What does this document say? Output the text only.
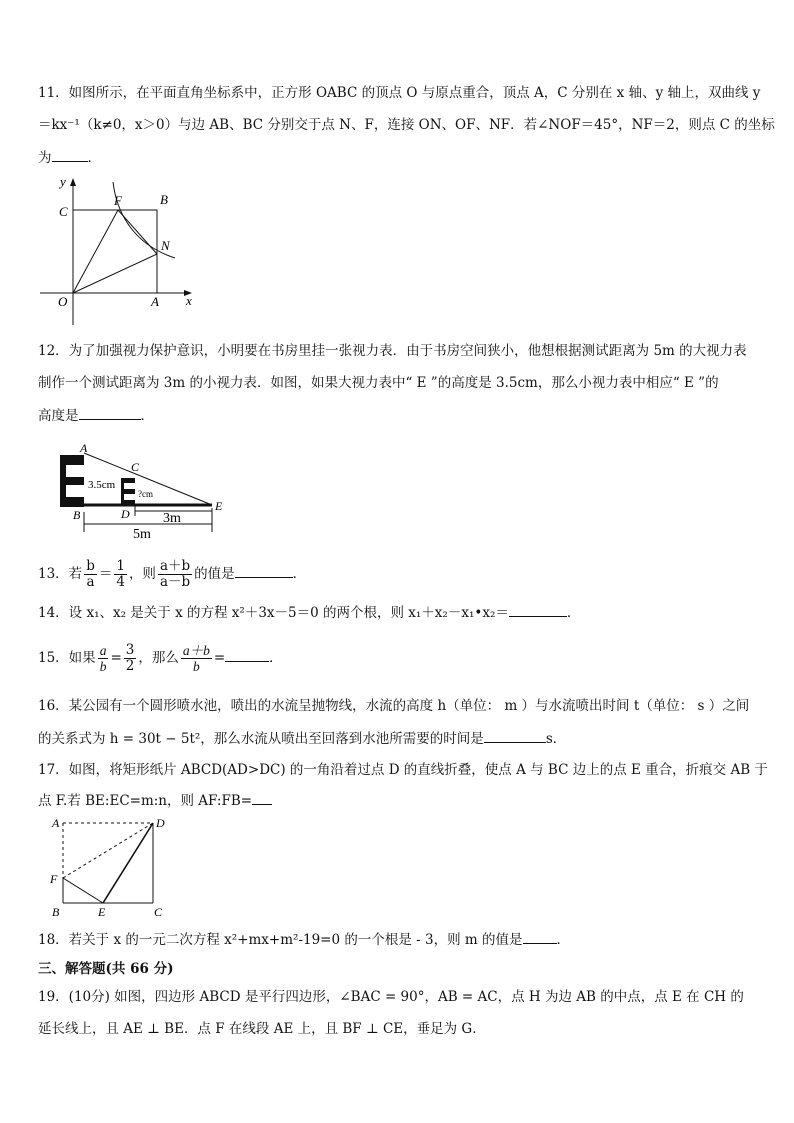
11．如图所示，在平面直角坐标系中，正方形 OABC 的顶点 O 与原点重合，顶点 A，C 分别在 x 轴、y 轴上，双曲线 y
＝kx⁻¹（k≠0，x＞0）与边 AB、BC 分别交于点 N、F，连接 ON、OF、NF．若∠NOF＝45°，NF＝2，则点 C 的坐标
为	．
y
x
C
F	B
N
O	A
12．为了加强视力保护意识，小明要在书房里挂一张视力表．由于书房空间狭小，他想根据测试距离为 5m 的大视力表
制作一个测试距离为 3m 的小视力表．如图，如果大视力表中“ E ”的高度是 3.5cm，那么小视力表中相应“ E ”的
高度是	．
A
C
B	D
E
3.5cm
?cm
3m
5m
13．若 $\frac{b}{a} = \frac{1}{4}$ ，则 $\frac{a+b}{a-b}$ 的值是	．
14．设 x₁、x₂ 是关于 x 的方程 x²＋3x－5＝0 的两个根，则 x₁＋x₂－x₁•x₂＝	．
15．如果 $\frac{a}{b} = \frac{3}{2}$ ，那么 $\frac{a+b}{b}$ =	．
16．某公园有一个圆形喷水池，喷出的水流呈抛物线，水流的高度 h（单位： m ）与水流喷出时间 t（单位： s ）之间
的关系式为 h = 30t − 5t²，那么水流从喷出至回落到水池所需要的时间是	s．
17．如图，将矩形纸片 ABCD(AD>DC) 的一角沿着过点 D 的直线折叠，使点 A 与 BC 边上的点 E 重合，折痕交 AB 于
点 F.若 BE:EC=m:n，则 AF:FB=
A	D
F
B	E	C
18．若关于 x 的一元二次方程 x²+mx+m²-19=0 的一个根是 - 3，则 m 的值是	．
三、解答题(共 66 分)
19．(10分) 如图，四边形 ABCD 是平行四边形，∠BAC = 90°，AB = AC，点 H 为边 AB 的中点，点 E 在 CH 的
延长线上，且 AE ⊥ BE．点 F 在线段 AE 上，且 BF ⊥ CE，垂足为 G．
